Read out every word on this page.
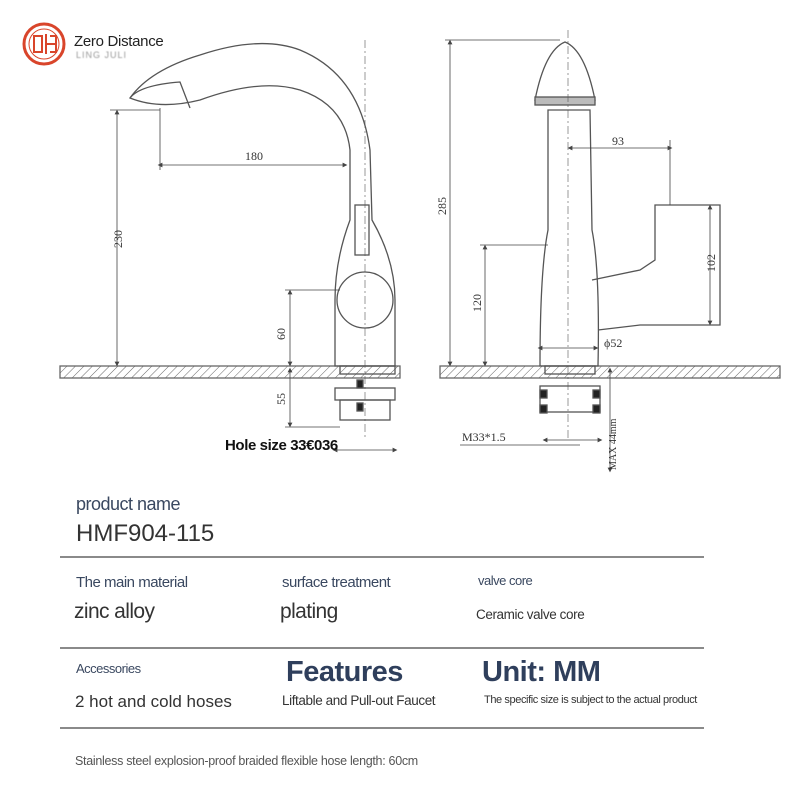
180
230
60
55
285
93
102
120
ϕ52
M33*1.5	MAX 44mm
Zero Distance
LING JULI
Hole size 33€036
product name
HMF904-115
The main material
zinc alloy
surface treatment
plating
valve core
Ceramic valve core
Accessories
2 hot and cold hoses
Features
Liftable and Pull-out Faucet
Unit: MM
The specific size is subject to the actual product
Stainless steel explosion-proof braided flexible hose length: 60cm
